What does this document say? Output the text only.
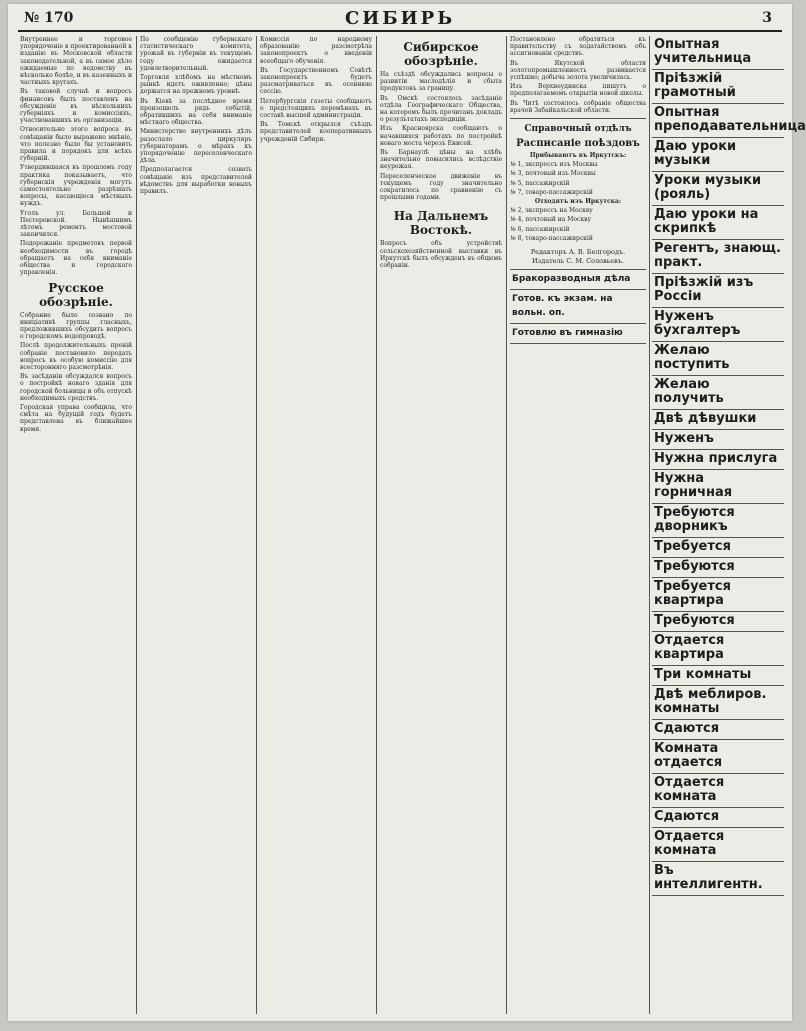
№ 170	СИБИРЬ	3

Внутреннее и торговое упорядоченіе в проектированной к изданію въ Московской области законодательной, а въ самое дѣло ожидаемые по ведомству въ нѣсколько болѣе, и въ казенныхъ и частныхъ кругахъ.

Въ таковой случаѣ и вопросъ финансовъ былъ поставленъ на обсужденіе въ нѣсколькихъ губерніяхъ и комиссіяхъ, участвовавшихъ въ организаціи.

Относительно этого вопроса въ совѣщаніи было выражено мнѣніе, что полезно было бы установить правила и порядокъ для всѣхъ губерній.

Утвердившаяся въ прошломъ году практика показываетъ, что губернскія учрежденія могутъ самостоятельно разрѣшать вопросы, касающіеся мѣстныхъ нуждъ.

Уголъ ул. Большой и Пестеревской. Нынѣшнимъ лѣтомъ ремонтъ мостовой закончился.

Подорожаніе предметовъ первой необходимости въ городѣ обращаетъ на себя вниманіе общества и городского управленія.

Русское обозрѣніе.

Собрание было созвано по иниціативѣ группы гласныхъ, предложившихъ обсудить вопросъ о городскомъ водопроводѣ.

Послѣ продолжительныхъ преній собраніе постановило передать вопросъ въ особую комиссію для всесторонняго разсмотрѣнія.

Въ засѣданіи обсуждался вопросъ о постройкѣ новаго зданія для городской больницы и объ отпускѣ необходимыхъ средствъ.

Городская управа сообщила, что смѣта на будущій годъ будетъ представлена въ ближайшее время.

По сообщенію губернскаго статистическаго комитета, урожай въ губерніи въ текущемъ году ожидается удовлетворительный.

Торговля хлѣбомъ на мѣстномъ рынкѣ идетъ оживленно; цѣны держатся на прежнемъ уровнѣ.

Въ Кіевѣ за послѣднее время произошелъ рядъ событій, обратившихъ на себя вниманіе мѣстнаго общества.

Министерство внутреннихъ дѣлъ разослало циркуляръ губернаторамъ о мѣрахъ къ упорядоченію переселенческаго дѣла.

Предполагается созвать совѣщаніе изъ представителей вѣдомствъ для выработки новыхъ правилъ.

Комиссія по народному образованію разсмотрѣла законопроектъ о введеніи всеобщаго обученія.

Въ Государственномъ Совѣтѣ законопроектъ будетъ разсматриваться въ осеннюю сессію.

Петербургскія газеты сообщаютъ о предстоящихъ перемѣнахъ въ составѣ высшей администраціи.

Въ Томскѣ открылся съѣздъ представителей кооперативныхъ учрежденій Сибири.

Сибирское обозрѣніе.

На съѣздѣ обсуждались вопросы о развитіи маслодѣлія и сбыта продуктовъ за границу.

Въ Омскѣ состоялось засѣданіе отдѣла Географическаго Общества, на которомъ былъ прочитанъ докладъ о результатахъ экспедиціи.

Изъ Красноярска сообщаютъ о начавшихся работахъ по постройкѣ новаго моста черезъ Енисей.

Въ Барнаулѣ цѣны на хлѣбъ значительно повысились вслѣдствіе неурожая.

Переселенческое движеніе въ текущемъ году значительно сократилось по сравненію съ прошлыми годами.

На Дальнемъ Востокѣ.

Вопросъ объ устройствѣ сельскохозяйственной выставки въ Иркутскѣ былъ обсужденъ въ общемъ собраніи.

Постановлено обратиться къ правительству съ ходатайствомъ объ ассигнованіи средствъ.

Въ Якутской области золотопромышленность развивается успѣшно; добыча золота увеличилась.

Изъ Верхнеудинска пишутъ о предполагаемомъ открытіи новой школы.

Въ Читѣ состоялось собраніе общества врачей Забайкальской области.

Справочный отдѣлъ
Расписаніе поѣздовъ
Прибываютъ въ Иркутскъ:
№ 1, экспрессъ изъ Москвы
№ 3, почтовый изъ Москвы
№ 5, пассажирскій
№ 7, товаро-пассажирскій
Отходятъ изъ Иркутска:
№ 2, экспрессъ на Москву
№ 4, почтовый на Москву
№ 6, пассажирскій
№ 8, товаро-пассажирскій
Редакторъ А. В. Белгородъ.
Издатель С. М. Соловьевъ.
Бракоразводныя дѣла
Готов. къ экзам. на вольн. оп.
Готовлю въ гимназію
Опытная учительница
Пріѣзжій грамотный
Опытная преподавательница
Даю уроки музыки
Уроки музыки (рояль)
Даю уроки на скрипкѣ
Регентъ, знающ. практ.
Пріѣзжій изъ Россіи
Нуженъ бухгалтеръ
Желаю поступить
Желаю получить
Двѣ дѣвушки
Нуженъ
Нужна прислуга
Нужна горничная
Требуются дворникъ
Требуется
Требуются
Требуется квартира
Требуются
Отдается квартира
Три комнаты
Двѣ меблиров. комнаты
Сдаются
Комната отдается
Отдается комната
Сдаются
Отдается комната
Въ интеллигентн.
